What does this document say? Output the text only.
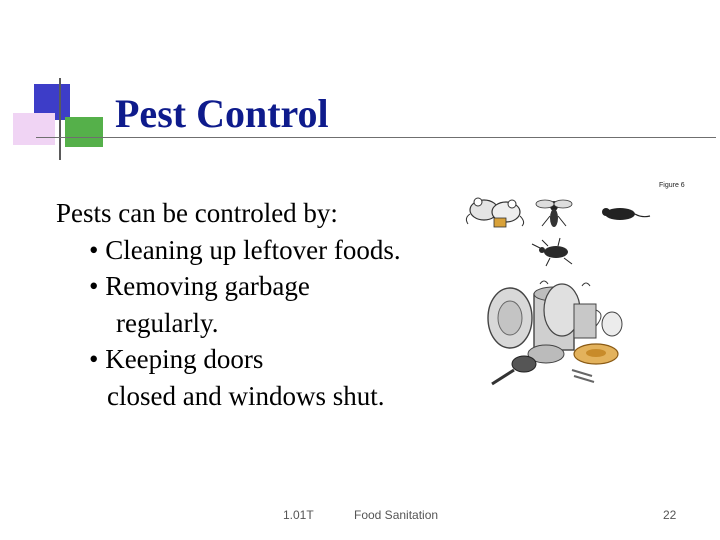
Pest Control
Pests can be controled by:
• Cleaning up leftover foods.
• Removing garbage
regularly.
• Keeping doors
closed and windows shut.
Figure 6
1.01T	Food Sanitation	22
